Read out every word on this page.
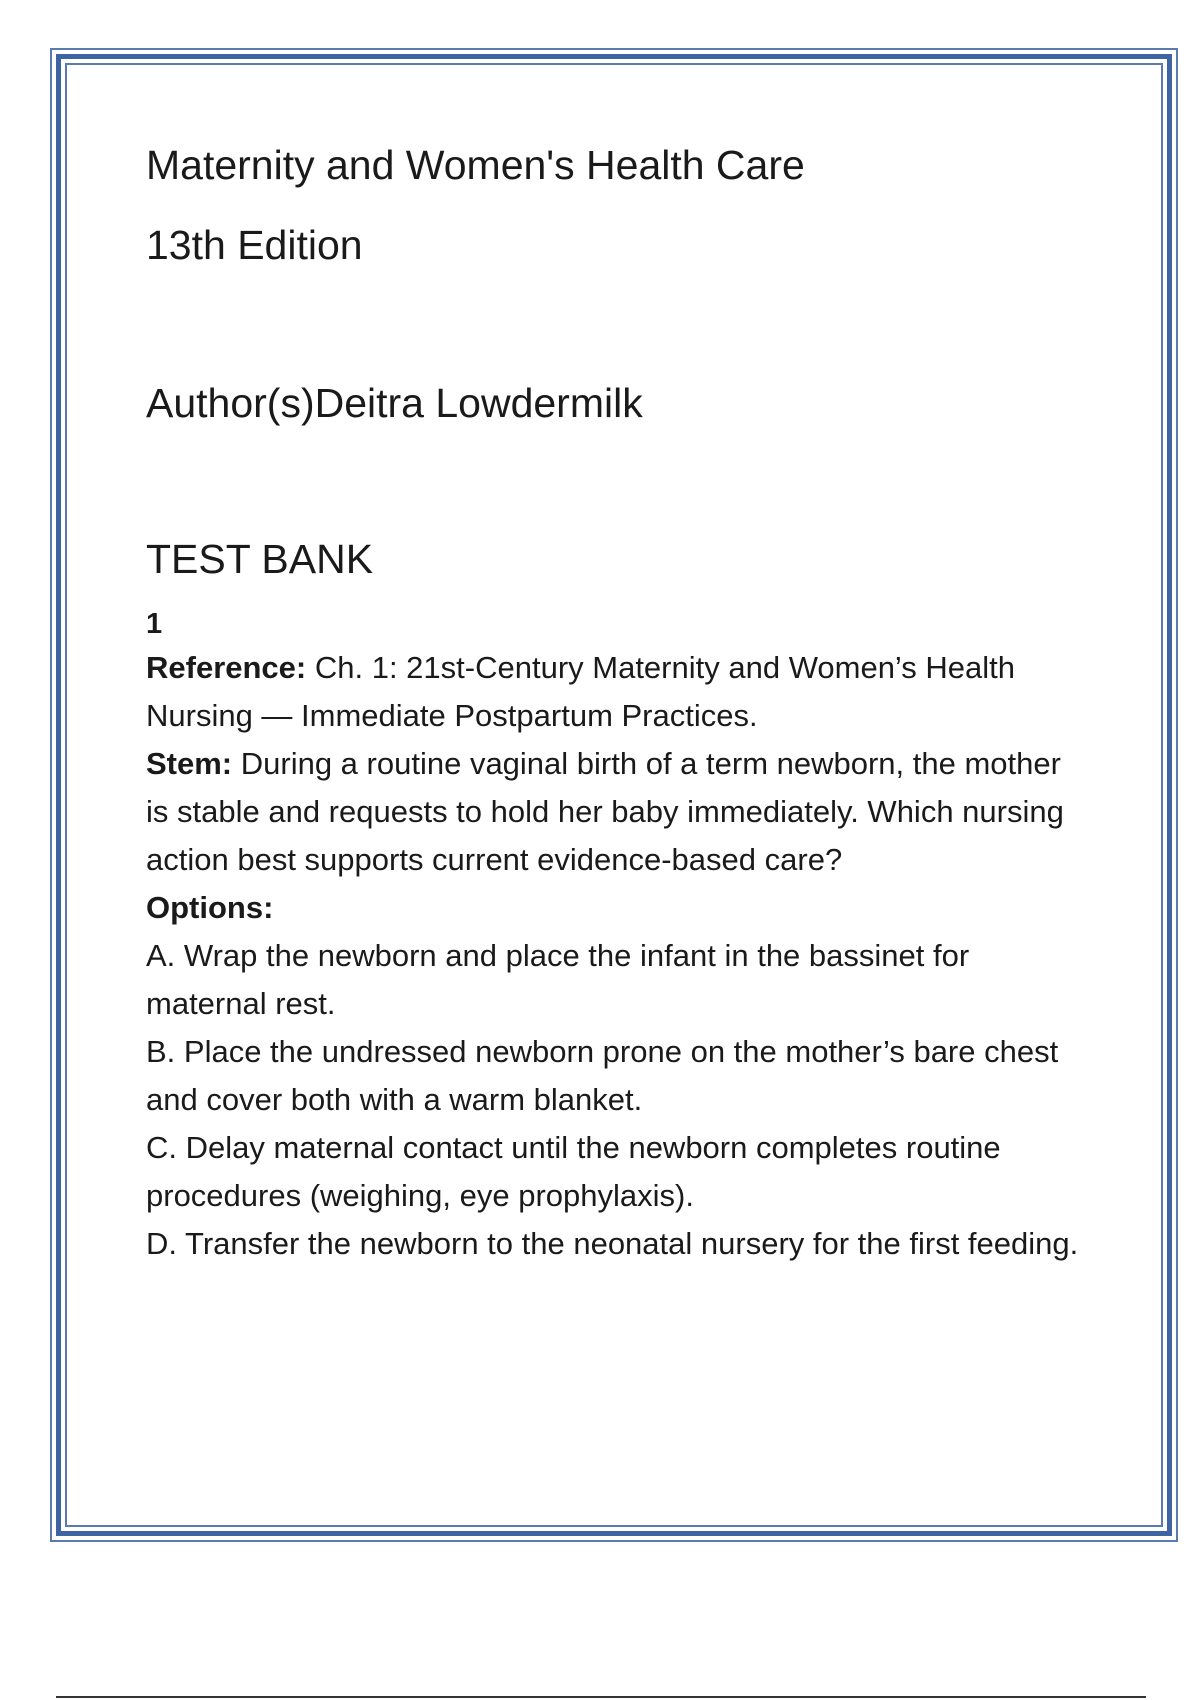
Maternity and Women's Health Care
13th Edition
Author(s)Deitra Lowdermilk
TEST BANK
1
Reference: Ch. 1: 21st-Century Maternity and Women’s Health Nursing — Immediate Postpartum Practices.
Stem: During a routine vaginal birth of a term newborn, the mother is stable and requests to hold her baby immediately. Which nursing action best supports current evidence-based care?
Options:
A. Wrap the newborn and place the infant in the bassinet for maternal rest.
B. Place the undressed newborn prone on the mother’s bare chest and cover both with a warm blanket.
C. Delay maternal contact until the newborn completes routine procedures (weighing, eye prophylaxis).
D. Transfer the newborn to the neonatal nursery for the first feeding.
